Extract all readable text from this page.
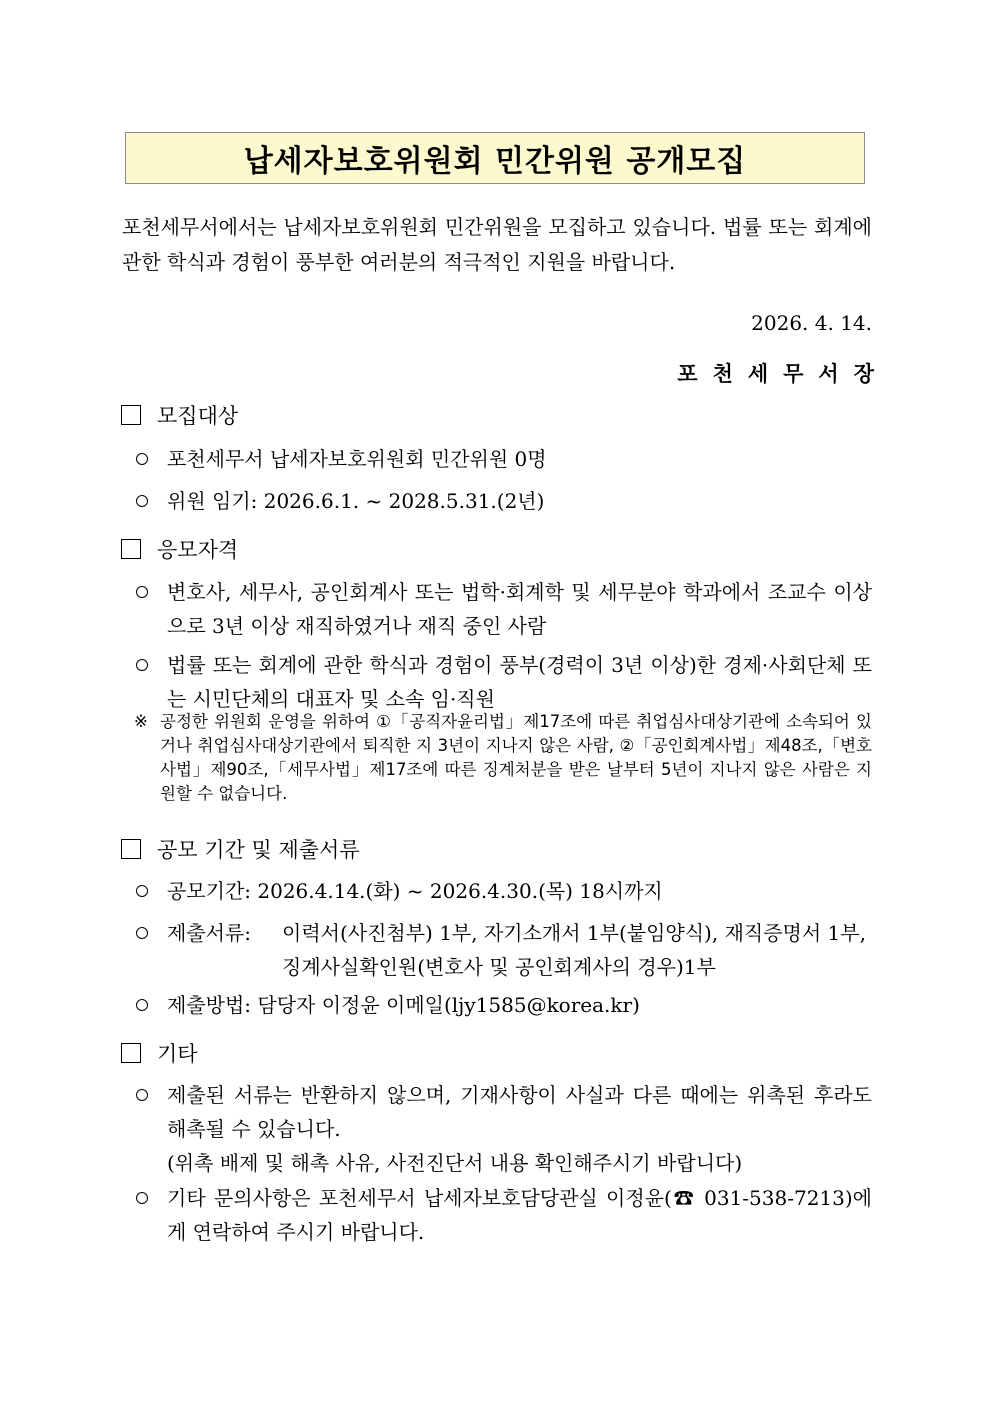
납세자보호위원회 민간위원 공개모집
포천세무서에서는 납세자보호위원회 민간위원을 모집하고 있습니다. 법률 또는 회계에 관한 학식과 경험이 풍부한 여러분의 적극적인 지원을 바랍니다.
2026. 4. 14.
포천세무서장
모집대상
포천세무서 납세자보호위원회 민간위원 0명
위원 임기: 2026.6.1. ~ 2028.5.31.(2년)
응모자격
변호사, 세무사, 공인회계사 또는 법학·회계학 및 세무분야 학과에서 조교수 이상으로 3년 이상 재직하였거나 재직 중인 사람
법률 또는 회계에 관한 학식과 경험이 풍부(경력이 3년 이상)한 경제·사회단체 또는 시민단체의 대표자 및 소속 임·직원
※ 공정한 위원회 운영을 위하여 ①「공직자윤리법」제17조에 따른 취업심사대상기관에 소속되어 있거나 취업심사대상기관에서 퇴직한 지 3년이 지나지 않은 사람, ②「공인회계사법」제48조,「변호사법」제90조,「세무사법」제17조에 따른 징계처분을 받은 날부터 5년이 지나지 않은 사람은 지원할 수 없습니다.
공모 기간 및 제출서류
공모기간: 2026.4.14.(화) ~ 2026.4.30.(목) 18시까지
제출서류: 이력서(사진첨부) 1부, 자기소개서 1부(붙임양식), 재직증명서 1부,
징계사실확인원(변호사 및 공인회계사의 경우)1부
제출방법: 담당자 이정윤 이메일(ljy1585@korea.kr)
기타
제출된 서류는 반환하지 않으며, 기재사항이 사실과 다른 때에는 위촉된 후라도 해촉될 수 있습니다.
(위촉 배제 및 해촉 사유, 사전진단서 내용 확인해주시기 바랍니다)
기타 문의사항은 포천세무서 납세자보호담당관실 이정윤(☎ 031-538-7213)에게 연락하여 주시기 바랍니다.
